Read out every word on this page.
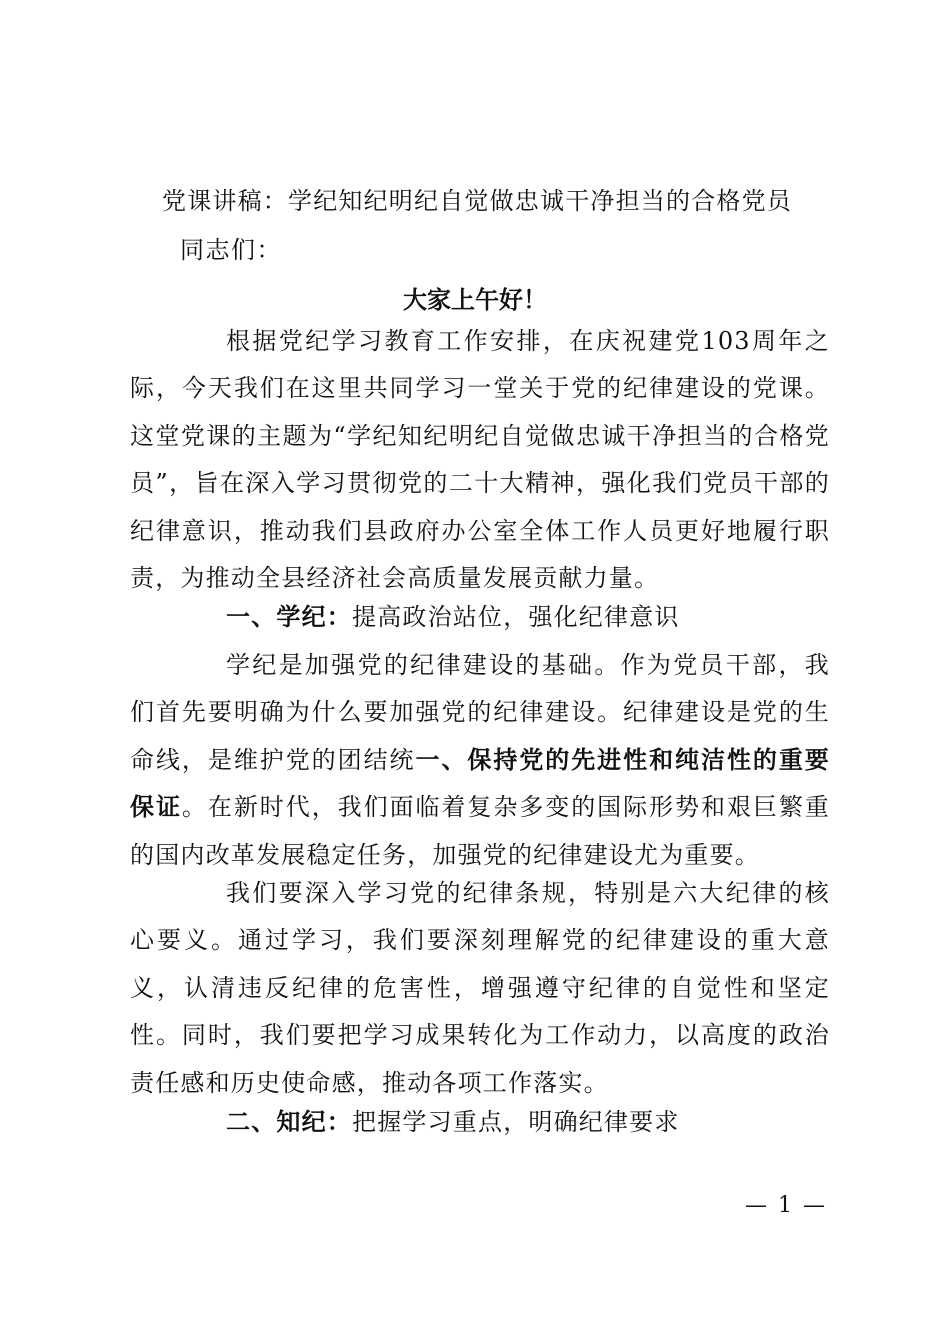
党课讲稿：学纪知纪明纪自觉做忠诚干净担当的合格党员
同志们：
大家上午好！

根据党纪学习教育工作安排，在庆祝建党103周年之际，今天我们在这里共同学习一堂关于党的纪律建设的党课。这堂党课的主题为“学纪知纪明纪自觉做忠诚干净担当的合格党员”，旨在深入学习贯彻党的二十大精神，强化我们党员干部的纪律意识，推动我们县政府办公室全体工作人员更好地履行职责，为推动全县经济社会高质量发展贡献力量。

一、学纪：提高政治站位，强化纪律意识

学纪是加强党的纪律建设的基础。作为党员干部，我们首先要明确为什么要加强党的纪律建设。纪律建设是党的生命线，是维护党的团结统一、保持党的先进性和纯洁性的重要保证。在新时代，我们面临着复杂多变的国际形势和艰巨繁重的国内改革发展稳定任务，加强党的纪律建设尤为重要。

我们要深入学习党的纪律条规，特别是六大纪律的核心要义。通过学习，我们要深刻理解党的纪律建设的重大意义，认清违反纪律的危害性，增强遵守纪律的自觉性和坚定性。同时，我们要把学习成果转化为工作动力，以高度的政治责任感和历史使命感，推动各项工作落实。

二、知纪：把握学习重点，明确纪律要求

— 1 —
